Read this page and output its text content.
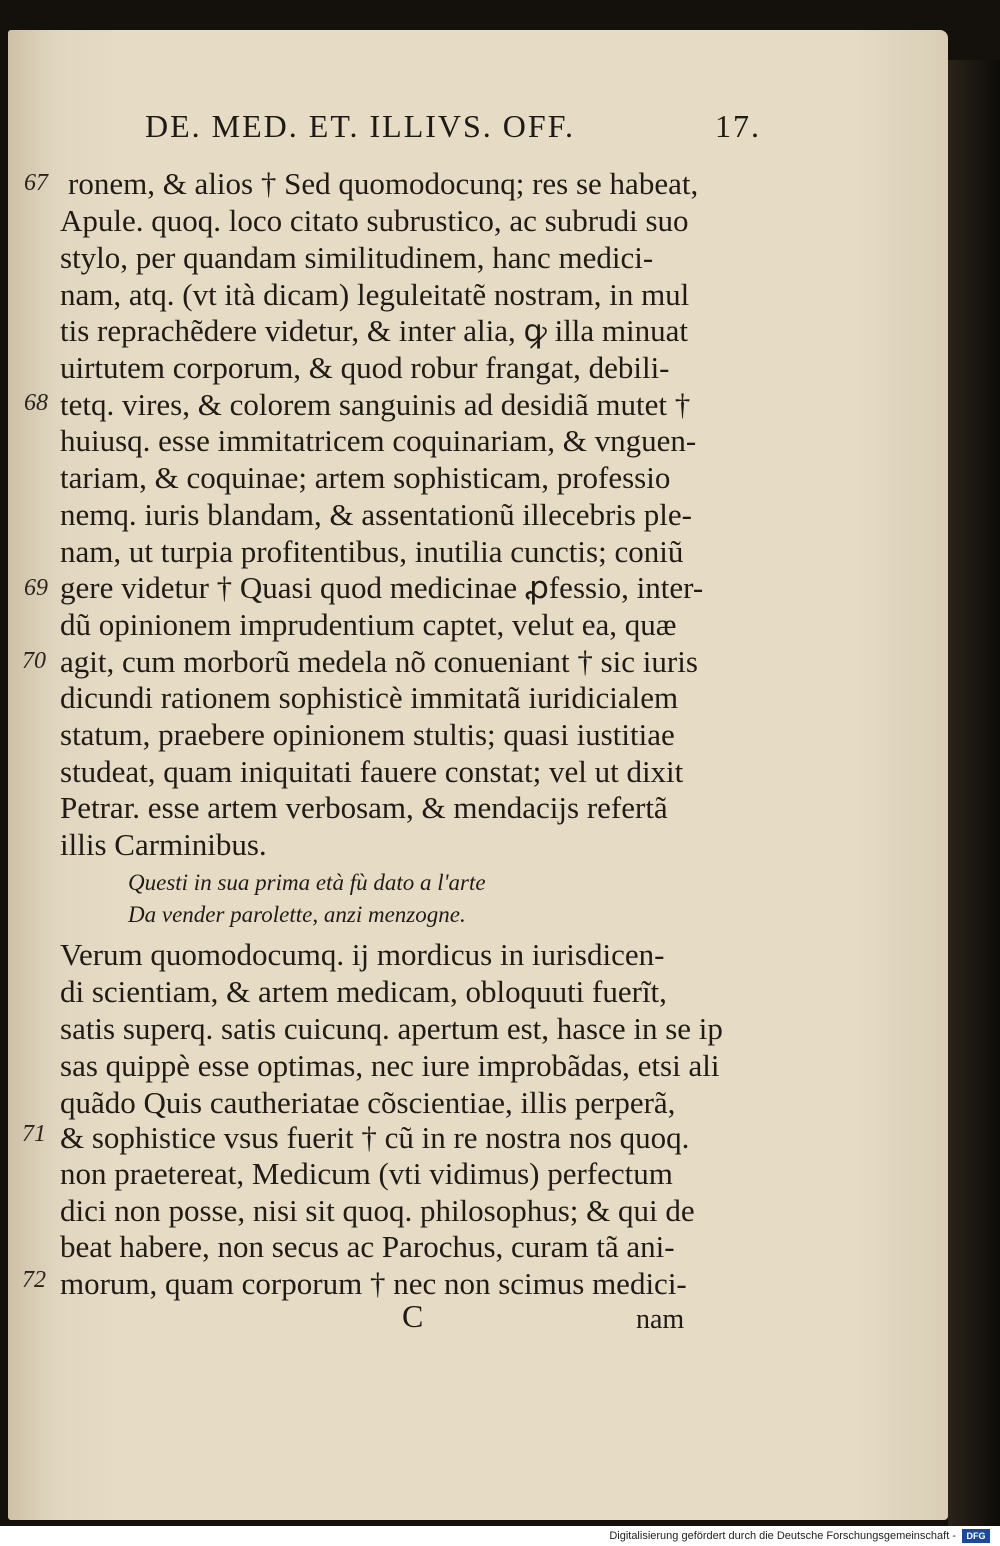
DE. MED. ET. ILLIVS. OFF.	17.
67
68
69
70
71
72
ronem, & alios † Sed quomodocunq; res se habeat,
Apule. quoq. loco citato subrustico, ac subrudi suo
stylo, per quandam similitudinem, hanc medici-
nam, atq. (vt ità dicam) leguleitatẽ nostram, in mul
tis reprachẽdere videtur, & inter alia, ꝙ illa minuat
uirtutem corporum, & quod robur frangat, debili-
tetq. vires, & colorem sanguinis ad desidiã mutet †
huiusq. esse immitatricem coquinariam, & vnguen-
tariam, & coquinae; artem sophisticam, professio
nemq. iuris blandam, & assentationũ illecebris ple-
nam, ut turpia profitentibus, inutilia cunctis; coniũ
gere videtur † Quasi quod medicinae ꝓfessio, inter-
dũ opinionem imprudentium captet, velut ea, quæ
agit, cum morborũ medela nõ conueniant † sic iuris
dicundi rationem sophisticè immitatã iuridicialem
statum, praebere opinionem stultis; quasi iustitiae
studeat, quam iniquitati fauere constat; vel ut dixit
Petrar. esse artem verbosam, & mendacijs refertã
illis Carminibus.
Questi in sua prima età fù dato a l'arte
Da vender parolette, anzi menzogne.
Verum quomodocumq. ij mordicus in iurisdicen-
di scientiam, & artem medicam, obloquuti fuerĩt,
satis superq. satis cuicunq. apertum est, hasce in se ip
sas quippè esse optimas, nec iure improbãdas, etsi ali
quãdo Quis cautheriatae cõscientiae, illis perperã,
& sophistice vsus fuerit † cũ in re nostra nos quoq.
non praetereat, Medicum (vti vidimus) perfectum
dici non posse, nisi sit quoq. philosophus; & qui de
beat habere, non secus ac Parochus, curam tã ani-
morum, quam corporum † nec non scimus medici-
C	nam
Digitalisierung gefördert durch die Deutsche Forschungsgemeinschaft -	DFG
